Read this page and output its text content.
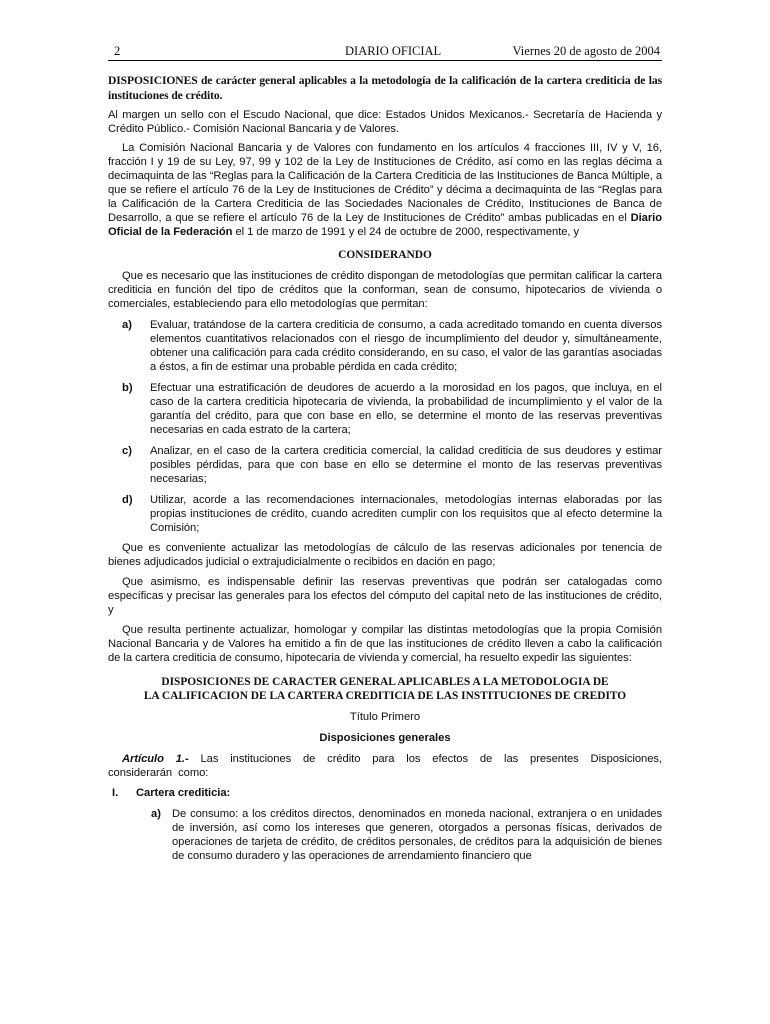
2	DIARIO OFICIAL	Viernes 20 de agosto de 2004
DISPOSICIONES de carácter general aplicables a la metodología de la calificación de la cartera crediticia de las instituciones de crédito.

Al margen un sello con el Escudo Nacional, que dice: Estados Unidos Mexicanos.- Secretaría de Hacienda y Crédito Público.- Comisión Nacional Bancaria y de Valores.

La Comisión Nacional Bancaria y de Valores con fundamento en los artículos 4 fracciones III, IV y V, 16, fracción I y 19 de su Ley, 97, 99 y 102 de la Ley de Instituciones de Crédito, así como en las reglas décima a decimaquinta de las “Reglas para la Calificación de la Cartera Crediticia de las Instituciones de Banca Múltiple, a que se refiere el artículo 76 de la Ley de Instituciones de Crédito” y décima a decimaquinta de las “Reglas para la Calificación de la Cartera Crediticia de las Sociedades Nacionales de Crédito, Instituciones de Banca de Desarrollo, a que se refiere el artículo 76 de la Ley de Instituciones de Crédito” ambas publicadas en el Diario Oficial de la Federación el 1 de marzo de 1991 y el 24 de octubre de 2000, respectivamente, y

CONSIDERANDO

Que es necesario que las instituciones de crédito dispongan de metodologías que permitan calificar la cartera crediticia en función del tipo de créditos que la conforman, sean de consumo, hipotecarios de vivienda o comerciales, estableciendo para ello metodologías que permitan:

a) Evaluar, tratándose de la cartera crediticia de consumo, a cada acreditado tomando en cuenta diversos elementos cuantitativos relacionados con el riesgo de incumplimiento del deudor y, simultáneamente, obtener una calificación para cada crédito considerando, en su caso, el valor de las garantías asociadas a éstos, a fin de estimar una probable pérdida en cada crédito;

b) Efectuar una estratificación de deudores de acuerdo a la morosidad en los pagos, que incluya, en el caso de la cartera crediticia hipotecaria de vivienda, la probabilidad de incumplimiento y el valor de la garantía del crédito, para que con base en ello, se determine el monto de las reservas preventivas necesarias en cada estrato de la cartera;

c) Analizar, en el caso de la cartera crediticia comercial, la calidad crediticia de sus deudores y estimar posibles pérdidas, para que con base en ello se determine el monto de las reservas preventivas necesarias;

d) Utilizar, acorde a las recomendaciones internacionales, metodologías internas elaboradas por las propias instituciones de crédito, cuando acrediten cumplir con los requisitos que al efecto determine la Comisión;

Que es conveniente actualizar las metodologías de cálculo de las reservas adicionales por tenencia de bienes adjudicados judicial o extrajudicialmente o recibidos en dación en pago;

Que asimismo, es indispensable definir las reservas preventivas que podrán ser catalogadas como específicas y precisar las generales para los efectos del cómputo del capital neto de las instituciones de crédito, y

Que resulta pertinente actualizar, homologar y compilar las distintas metodologías que la propia Comisión Nacional Bancaria y de Valores ha emitido a fin de que las instituciones de crédito lleven a cabo la calificación de la cartera crediticia de consumo, hipotecaria de vivienda y comercial, ha resuelto expedir las siguientes:

DISPOSICIONES DE CARACTER GENERAL APLICABLES A LA METODOLOGIA DE
LA CALIFICACION DE LA CARTERA CREDITICIA DE LAS INSTITUCIONES DE CREDITO
Título Primero
Disposiciones generales

Artículo 1.- Las instituciones de crédito para los efectos de las presentes Disposiciones, considerarán como:

I. Cartera crediticia:

a) De consumo: a los créditos directos, denominados en moneda nacional, extranjera o en unidades de inversión, así como los intereses que generen, otorgados a personas físicas, derivados de operaciones de tarjeta de crédito, de créditos personales, de créditos para la adquisición de bienes de consumo duradero y las operaciones de arrendamiento financiero que
